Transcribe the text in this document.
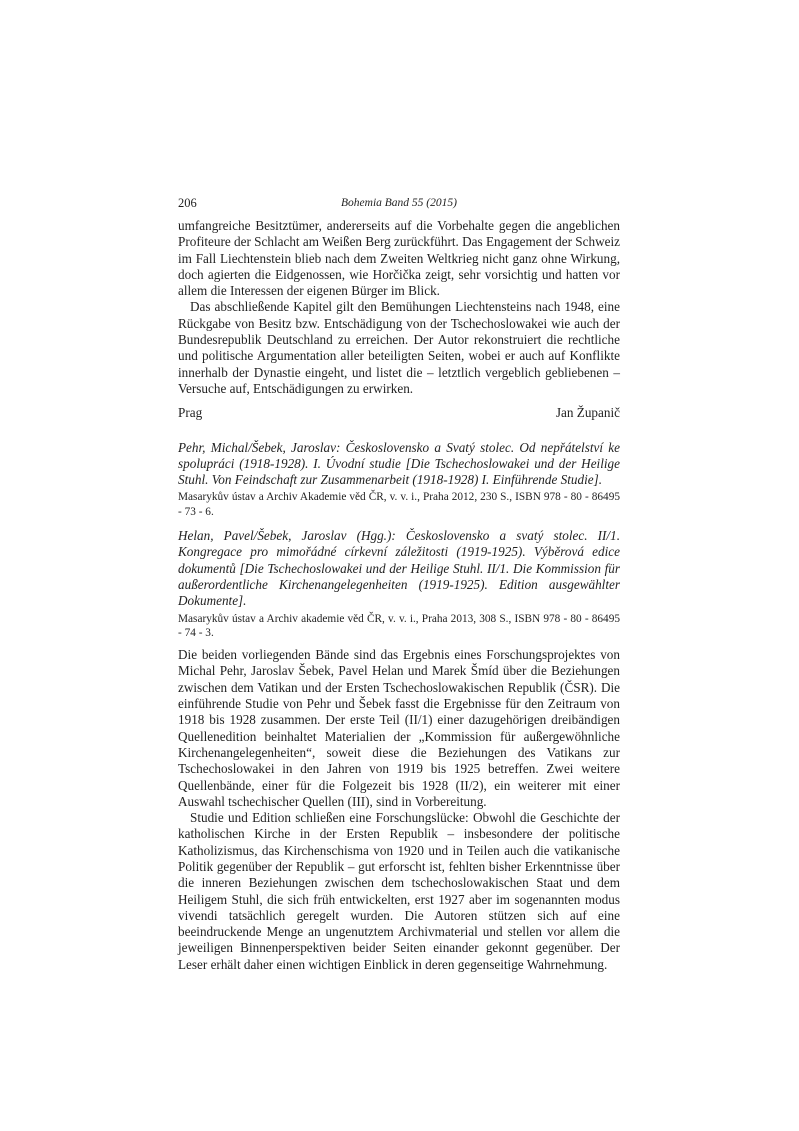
206	Bohemia Band 55 (2015)

umfangreiche Besitztümer, andererseits auf die Vorbehalte gegen die angeblichen Profiteure der Schlacht am Weißen Berg zurückführt. Das Engagement der Schweiz im Fall Liechtenstein blieb nach dem Zweiten Weltkrieg nicht ganz ohne Wirkung, doch agierten die Eidgenossen, wie Horčička zeigt, sehr vorsichtig und hatten vor allem die Interessen der eigenen Bürger im Blick.

Das abschließende Kapitel gilt den Bemühungen Liechtensteins nach 1948, eine Rückgabe von Besitz bzw. Entschädigung von der Tschechoslowakei wie auch der Bundesrepublik Deutschland zu erreichen. Der Autor rekonstruiert die rechtliche und politische Argumentation aller beteiligten Seiten, wobei er auch auf Konflikte innerhalb der Dynastie eingeht, und listet die – letztlich vergeblich gebliebenen – Versuche auf, Entschädigungen zu erwirken.

Prag	Jan Županič
Pehr, Michal/Šebek, Jaroslav: Československo a Svatý stolec. Od nepřátelství ke spolupráci (1918-1928). I. Úvodní studie [Die Tschechoslowakei und der Heilige Stuhl. Von Feindschaft zur Zusammenarbeit (1918-1928) I. Einführende Studie].
Masarykův ústav a Archiv Akademie věd ČR, v. v. i., Praha 2012, 230 S., ISBN 978 - 80 - 86495 - 73 - 6.
Helan, Pavel/Šebek, Jaroslav (Hgg.): Československo a svatý stolec. II/1. Kongregace pro mimořádné církevní záležitosti (1919-1925). Výběrová edice dokumentů [Die Tschechoslowakei und der Heilige Stuhl. II/1. Die Kommission für außerordentliche Kirchenangelegenheiten (1919-1925). Edition ausgewählter Dokumente].
Masarykův ústav a Archiv akademie věd ČR, v. v. i., Praha 2013, 308 S., ISBN 978 - 80 - 86495 - 74 - 3.

Die beiden vorliegenden Bände sind das Ergebnis eines Forschungsprojektes von Michal Pehr, Jaroslav Šebek, Pavel Helan und Marek Šmíd über die Beziehungen zwischen dem Vatikan und der Ersten Tschechoslowakischen Republik (ČSR). Die einführende Studie von Pehr und Šebek fasst die Ergebnisse für den Zeitraum von 1918 bis 1928 zusammen. Der erste Teil (II/1) einer dazugehörigen dreibändigen Quellenedition beinhaltet Materialien der „Kommission für außergewöhnliche Kirchenangelegenheiten“, soweit diese die Beziehungen des Vatikans zur Tschechoslowakei in den Jahren von 1919 bis 1925 betreffen. Zwei weitere Quellenbände, einer für die Folgezeit bis 1928 (II/2), ein weiterer mit einer Auswahl tschechischer Quellen (III), sind in Vorbereitung.

Studie und Edition schließen eine Forschungslücke: Obwohl die Geschichte der katholischen Kirche in der Ersten Republik – insbesondere der politische Katholizismus, das Kirchenschisma von 1920 und in Teilen auch die vatikanische Politik gegenüber der Republik – gut erforscht ist, fehlten bisher Erkenntnisse über die inneren Beziehungen zwischen dem tschechoslowakischen Staat und dem Heiligem Stuhl, die sich früh entwickelten, erst 1927 aber im sogenannten modus vivendi tatsächlich geregelt wurden. Die Autoren stützen sich auf eine beeindruckende Menge an ungenutztem Archivmaterial und stellen vor allem die jeweiligen Binnenperspektiven beider Seiten einander gekonnt gegenüber. Der Leser erhält daher einen wichtigen Einblick in deren gegenseitige Wahrnehmung.
